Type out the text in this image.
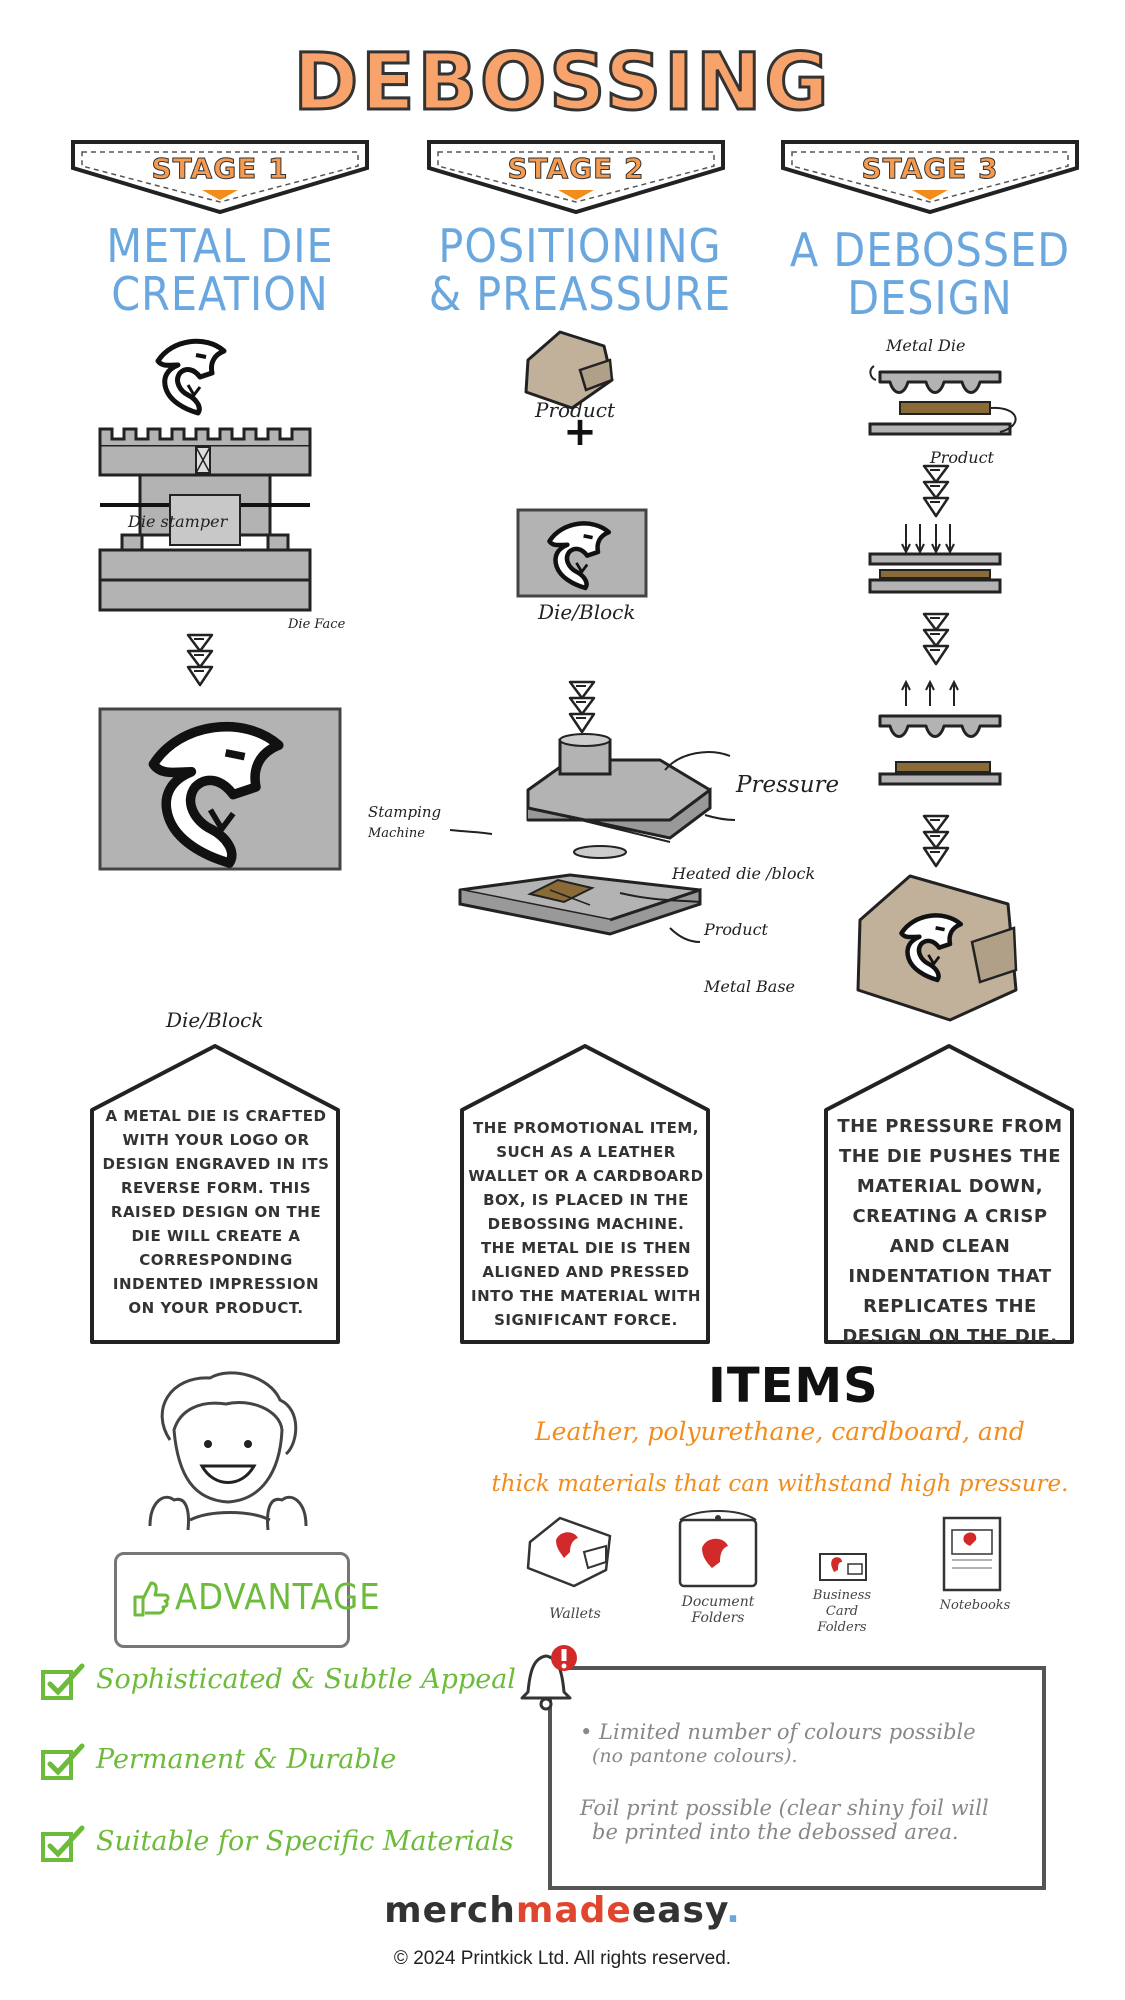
DEBOSSING
STAGE 1	STAGE 2	STAGE 3
METAL DIE
CREATION
POSITIONING
& PREASSURE
A DEBOSSED
DESIGN
Die stamper
Die Face
Die/Block
+
Product
Die/Block
Stamping
Machine
Pressure
Heated die /block
Product
Metal Base
Metal Die
Product
A METAL DIE IS CRAFTED WITH YOUR LOGO OR DESIGN ENGRAVED IN ITS REVERSE FORM. THIS RAISED DESIGN ON THE DIE WILL CREATE A CORRESPONDING INDENTED IMPRESSION ON YOUR PRODUCT.
THE PROMOTIONAL ITEM, SUCH AS A LEATHER WALLET OR A CARDBOARD BOX, IS PLACED IN THE DEBOSSING MACHINE. THE METAL DIE IS THEN ALIGNED AND PRESSED INTO THE MATERIAL WITH SIGNIFICANT FORCE.
THE PRESSURE FROM THE DIE PUSHES THE MATERIAL DOWN, CREATING A CRISP AND CLEAN INDENTATION THAT REPLICATES THE DESIGN ON THE DIE.
ADVANTAGE
Sophisticated & Subtle Appeal
Permanent & Durable
Suitable for Specific Materials
ITEMS
Leather, polyurethane, cardboard, and
thick materials that can withstand high pressure.
Wallets
Document
Folders
Business
Card
Folders
Notebooks
• Limited number of colours possible
(no pantone colours).
Foil print possible (clear shiny foil will
be printed into the debossed area.
merchmadeeasy.
© 2024 Printkick Ltd. All rights reserved.
